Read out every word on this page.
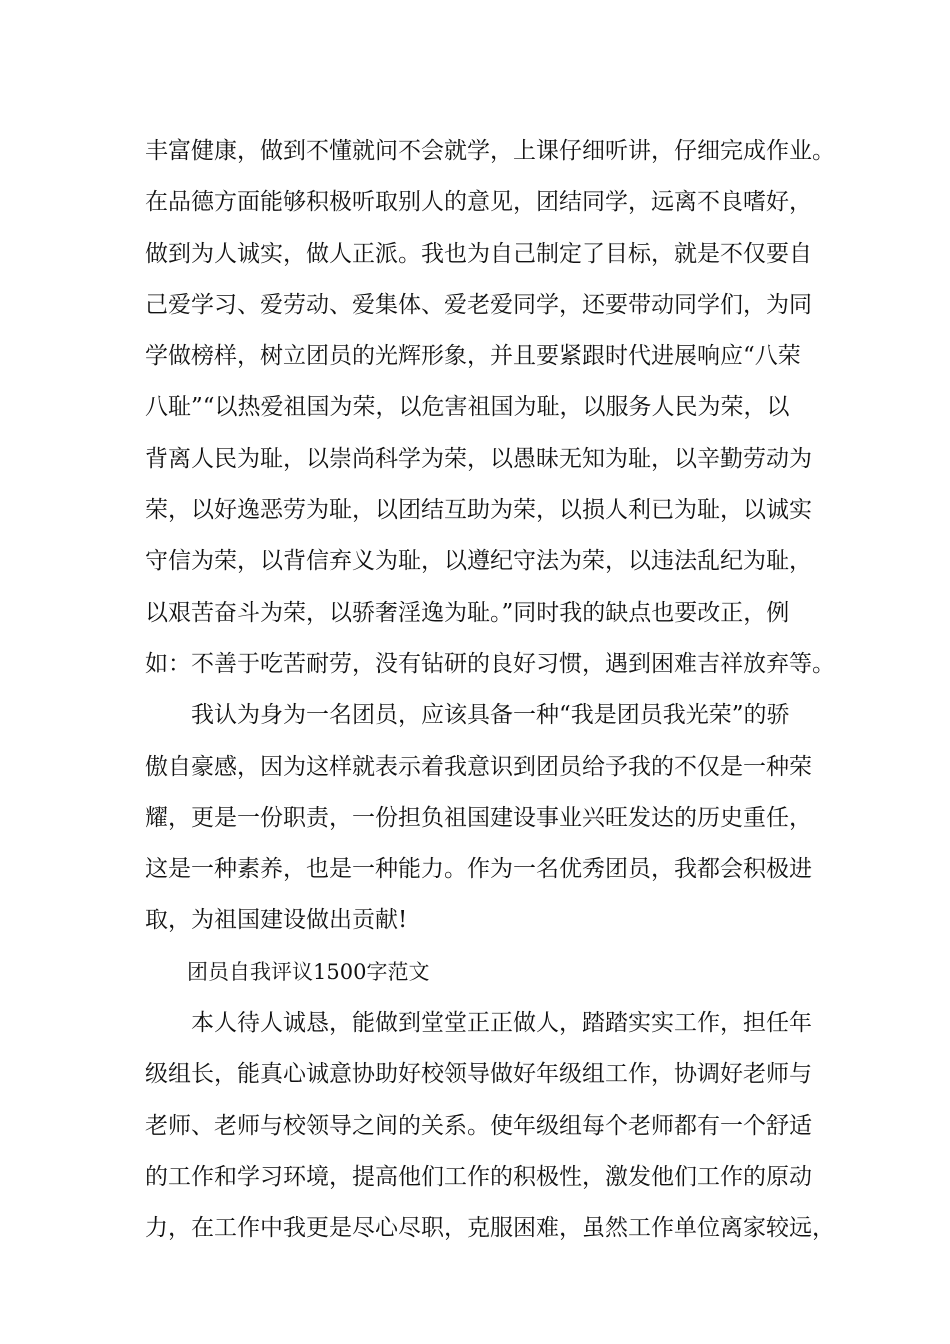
丰富健康，做到不懂就问不会就学，上课仔细听讲，仔细完成作业。
在品德方面能够积极听取别人的意见，团结同学，远离不良嗜好，
做到为人诚实，做人正派。我也为自己制定了目标，就是不仅要自
己爱学习、爱劳动、爱集体、爱老爱同学，还要带动同学们，为同
学做榜样，树立团员的光辉形象，并且要紧跟时代进展响应“八荣
八耻”“以热爱祖国为荣，以危害祖国为耻，以服务人民为荣，以
背离人民为耻，以崇尚科学为荣，以愚昧无知为耻，以辛勤劳动为
荣，以好逸恶劳为耻，以团结互助为荣，以损人利已为耻，以诚实
守信为荣，以背信弃义为耻，以遵纪守法为荣，以违法乱纪为耻，
以艰苦奋斗为荣，以骄奢淫逸为耻。”同时我的缺点也要改正，例
如：不善于吃苦耐劳，没有钻研的良好习惯，遇到困难吉祥放弃等。
　　我认为身为一名团员，应该具备一种“我是团员我光荣”的骄
傲自豪感，因为这样就表示着我意识到团员给予我的不仅是一种荣
耀，更是一份职责，一份担负祖国建设事业兴旺发达的历史重任，
这是一种素养，也是一种能力。作为一名优秀团员，我都会积极进
取，为祖国建设做出贡献!
　　团员自我评议1500字范文
　　本人待人诚恳，能做到堂堂正正做人，踏踏实实工作，担任年
级组长，能真心诚意协助好校领导做好年级组工作，协调好老师与
老师、老师与校领导之间的关系。使年级组每个老师都有一个舒适
的工作和学习环境，提高他们工作的积极性，激发他们工作的原动
力，在工作中我更是尽心尽职，克服困难，虽然工作单位离家较远，
